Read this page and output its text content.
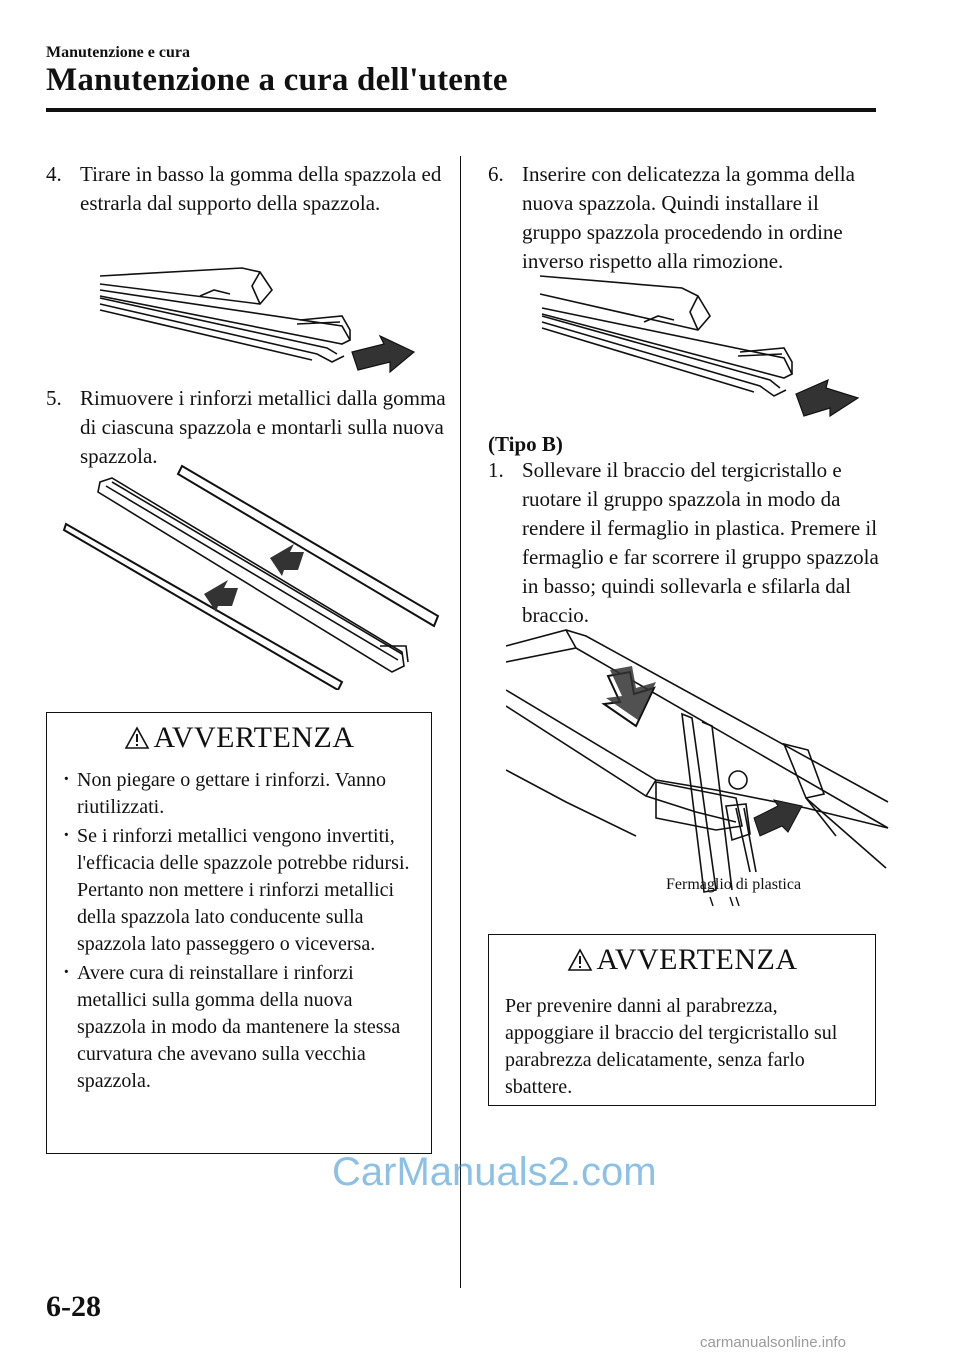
Manutenzione e cura
Manutenzione a cura dell'utente
4. Tirare in basso la gomma della spazzola ed estrarla dal supporto della spazzola.
5. Rimuovere i rinforzi metallici dalla gomma di ciascuna spazzola e montarli sulla nuova spazzola.
AVVERTENZA
· Non piegare o gettare i rinforzi. Vanno riutilizzati.
· Se i rinforzi metallici vengono invertiti, l'efficacia delle spazzole potrebbe ridursi. Pertanto non mettere i rinforzi metallici della spazzola lato conducente sulla spazzola lato passeggero o viceversa.
· Avere cura di reinstallare i rinforzi metallici sulla gomma della nuova spazzola in modo da mantenere la stessa curvatura che avevano sulla vecchia spazzola.
6. Inserire con delicatezza la gomma della nuova spazzola. Quindi installare il gruppo spazzola procedendo in ordine inverso rispetto alla rimozione.
(Tipo B)
1. Sollevare il braccio del tergicristallo e ruotare il gruppo spazzola in modo da rendere il fermaglio in plastica. Premere il fermaglio e far scorrere il gruppo spazzola in basso; quindi sollevarla e sfilarla dal braccio.
Fermaglio di plastica
AVVERTENZA

Per prevenire danni al parabrezza, appoggiare il braccio del tergicristallo sul parabrezza delicatamente, senza farlo sbattere.

CarManuals2.com
6-28
carmanualsonline.info
